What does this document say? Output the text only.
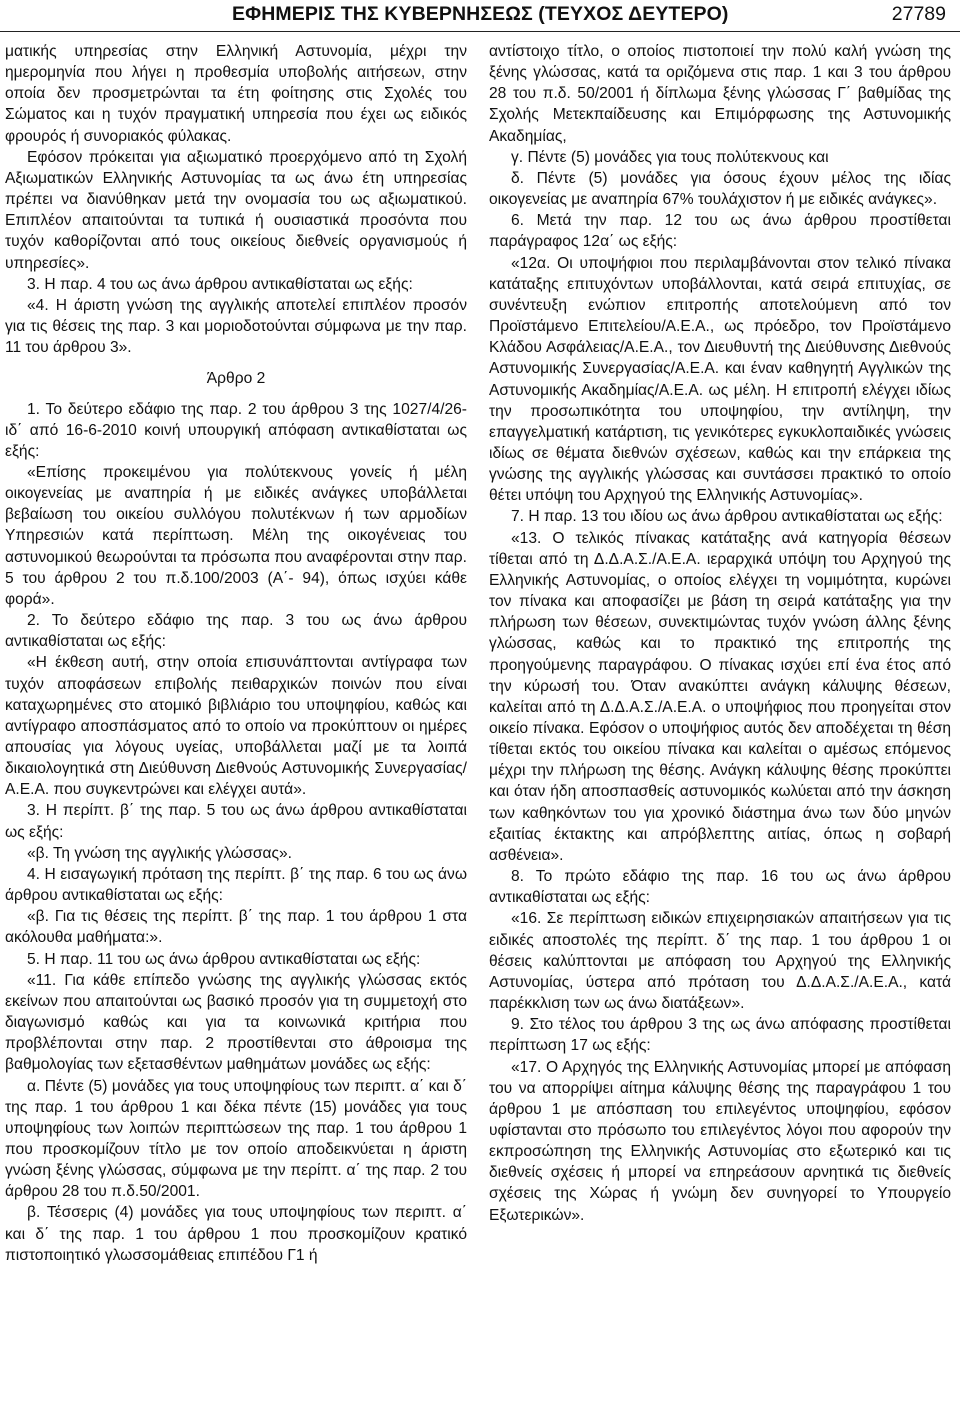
ΕΦΗΜΕΡΙΣ ΤΗΣ ΚΥΒΕΡΝΗΣΕΩΣ (ΤΕΥΧΟΣ ΔΕΥΤΕΡΟ)	27789

ματικής υπηρεσίας στην Ελληνική Αστυνομία, μέχρι την ημερομηνία που λήγει η προθεσμία υποβολής αιτήσεων, στην οποία δεν προσμετρώνται τα έτη φοίτησης στις Σχολές του Σώματος και η τυχόν πραγματική υπηρεσία που έχει ως ειδικός φρουρός ή συνοριακός φύλακας.

Εφόσον πρόκειται για αξιωματικό προερχόμενο από τη Σχολή Αξιωματικών Ελληνικής Αστυνομίας τα ως άνω έτη υπηρεσίας πρέπει να διανύθηκαν μετά την ονομασία του ως αξιωματικού. Επιπλέον απαιτούνται τα τυπικά ή ουσιαστικά προσόντα που τυχόν καθορίζονται από τους οικείους διεθνείς οργανισμούς ή υπηρεσίες».

3. Η παρ. 4 του ως άνω άρθρου αντικαθίσταται ως εξής:

«4. Η άριστη γνώση της αγγλικής αποτελεί επιπλέον προσόν για τις θέσεις της παρ. 3 και μοριοδοτούνται σύμφωνα με την παρ. 11 του άρθρου 3».

Άρθρο 2

1. Το δεύτερο εδάφιο της παρ. 2 του άρθρου 3 της 1027/4/26-ιδ΄ από 16-6-2010 κοινή υπουργική απόφαση αντικαθίσταται ως εξής:

«Επίσης προκειμένου για πολύτεκνους γονείς ή μέλη οικογενείας με αναπηρία ή με ειδικές ανάγκες υποβάλλεται βεβαίωση του οικείου συλλόγου πολυτέκνων ή των αρμοδίων Υπηρεσιών κατά περίπτωση. Μέλη της οικογένειας του αστυνομικού θεωρούνται τα πρόσωπα που αναφέρονται στην παρ. 5 του άρθρου 2 του π.δ.100/2003 (Α΄- 94), όπως ισχύει κάθε φορά».

2. Το δεύτερο εδάφιο της παρ. 3 του ως άνω άρθρου αντικαθίσταται ως εξής:

«Η έκθεση αυτή, στην οποία επισυνάπτονται αντίγραφα των τυχόν αποφάσεων επιβολής πειθαρχικών ποινών που είναι καταχωρημένες στο ατομικό βιβλιάριο του υποψηφίου, καθώς και αντίγραφο αποσπάσματος από το οποίο να προκύπτουν οι ημέρες απουσίας για λόγους υγείας, υποβάλλεται μαζί με τα λοιπά δικαιολογητικά στη Διεύθυνση Διεθνούς Αστυνομικής Συνεργασίας/Α.Ε.Α. που συγκεντρώνει και ελέγχει αυτά».

3. Η περίπτ. β΄ της παρ. 5 του ως άνω άρθρου αντικαθίσταται ως εξής:

«β. Τη γνώση της αγγλικής γλώσσας».

4. Η εισαγωγική πρόταση της περίπτ. β΄ της παρ. 6 του ως άνω άρθρου αντικαθίσταται ως εξής:

«β. Για τις θέσεις της περίπτ. β΄ της παρ. 1 του άρθρου 1 στα ακόλουθα μαθήματα:».

5. Η παρ. 11 του ως άνω άρθρου αντικαθίσταται ως εξής:

«11. Για κάθε επίπεδο γνώσης της αγγλικής γλώσσας εκτός εκείνων που απαιτούνται ως βασικό προσόν για τη συμμετοχή στο διαγωνισμό καθώς και για τα κοινωνικά κριτήρια που προβλέπονται στην παρ. 2 προστίθενται στο άθροισμα της βαθμολογίας των εξετασθέντων μαθημάτων μονάδες ως εξής:

α. Πέντε (5) μονάδες για τους υποψηφίους των περιπτ. α΄ και δ΄ της παρ. 1 του άρθρου 1 και δέκα πέντε (15) μονάδες για τους υποψηφίους των λοιπών περιπτώσεων της παρ. 1 του άρθρου 1 που προσκομίζουν τίτλο με τον οποίο αποδεικνύεται η άριστη γνώση ξένης γλώσσας, σύμφωνα με την περίπτ. α΄ της παρ. 2 του άρθρου 28 του π.δ.50/2001.

β. Τέσσερις (4) μονάδες για τους υποψηφίους των περιπτ. α΄ και δ΄ της παρ. 1 του άρθρου 1 που προσκομίζουν κρατικό πιστοποιητικό γλωσσομάθειας επιπέδου Γ1 ή

αντίστοιχο τίτλο, ο οποίος πιστοποιεί την πολύ καλή γνώση της ξένης γλώσσας, κατά τα οριζόμενα στις παρ. 1 και 3 του άρθρου 28 του π.δ. 50/2001 ή δίπλωμα ξένης γλώσσας Γ΄ βαθμίδας της Σχολής Μετεκπαίδευσης και Επιμόρφωσης της Αστυνομικής Ακαδημίας,

γ. Πέντε (5) μονάδες για τους πολύτεκνους και

δ. Πέντε (5) μονάδες για όσους έχουν μέλος της ιδίας οικογενείας με αναπηρία 67% τουλάχιστον ή με ειδικές ανάγκες».

6. Μετά την παρ. 12 του ως άνω άρθρου προστίθεται παράγραφος 12α΄ ως εξής:

«12α. Οι υποψήφιοι που περιλαμβάνονται στον τελικό πίνακα κατάταξης επιτυχόντων υποβάλλονται, κατά σειρά επιτυχίας, σε συνέντευξη ενώπιον επιτροπής αποτελούμενη από τον Προϊστάμενο Επιτελείου/Α.Ε.Α., ως πρόεδρο, τον Προϊστάμενο Κλάδου Ασφάλειας/Α.Ε.Α., τον Διευθυντή της Διεύθυνσης Διεθνούς Αστυνομικής Συνεργασίας/Α.Ε.Α. και έναν καθηγητή Αγγλικών της Αστυνομικής Ακαδημίας/Α.Ε.Α. ως μέλη. Η επιτροπή ελέγχει ιδίως την προσωπικότητα του υποψηφίου, την αντίληψη, την επαγγελματική κατάρτιση, τις γενικότερες εγκυκλοπαιδικές γνώσεις ιδίως σε θέματα διεθνών σχέσεων, καθώς και την επάρκεια της γνώσης της αγγλικής γλώσσας και συντάσσει πρακτικό το οποίο θέτει υπόψη του Αρχηγού της Ελληνικής Αστυνομίας».

7. Η παρ. 13 του ιδίου ως άνω άρθρου αντικαθίσταται ως εξής:

«13. Ο τελικός πίνακας κατάταξης ανά κατηγορία θέσεων τίθεται από τη Δ.Δ.Α.Σ./Α.Ε.Α. ιεραρχικά υπόψη του Αρχηγού της Ελληνικής Αστυνομίας, ο οποίος ελέγχει τη νομιμότητα, κυρώνει τον πίνακα και αποφασίζει με βάση τη σειρά κατάταξης για την πλήρωση των θέσεων, συνεκτιμώντας τυχόν γνώση άλλης ξένης γλώσσας, καθώς και το πρακτικό της επιτροπής της προηγούμενης παραγράφου. Ο πίνακας ισχύει επί ένα έτος από την κύρωσή του. Όταν ανακύπτει ανάγκη κάλυψης θέσεων, καλείται από τη Δ.Δ.Α.Σ./Α.Ε.Α. ο υποψήφιος που προηγείται στον οικείο πίνακα. Εφόσον ο υποψήφιος αυτός δεν αποδέχεται τη θέση τίθεται εκτός του οικείου πίνακα και καλείται ο αμέσως επόμενος μέχρι την πλήρωση της θέσης. Ανάγκη κάλυψης θέσης προκύπτει και όταν ήδη αποσπασθείς αστυνομικός κωλύεται από την άσκηση των καθηκόντων του για χρονικό διάστημα άνω των δύο μηνών εξαιτίας έκτακτης και απρόβλεπτης αιτίας, όπως η σοβαρή ασθένεια».

8. Το πρώτο εδάφιο της παρ. 16 του ως άνω άρθρου αντικαθίσταται ως εξής:

«16. Σε περίπτωση ειδικών επιχειρησιακών απαιτήσεων για τις ειδικές αποστολές της περίπτ. δ΄ της παρ. 1 του άρθρου 1 οι θέσεις καλύπτονται με απόφαση του Αρχηγού της Ελληνικής Αστυνομίας, ύστερα από πρόταση του Δ.Δ.Α.Σ./Α.Ε.Α., κατά παρέκκλιση των ως άνω διατάξεων».

9. Στο τέλος του άρθρου 3 της ως άνω απόφασης προστίθεται περίπτωση 17 ως εξής:

«17. Ο Αρχηγός της Ελληνικής Αστυνομίας μπορεί με απόφαση του να απορρίψει αίτημα κάλυψης θέσης της παραγράφου 1 του άρθρου 1 με απόσπαση του επιλεγέντος υποψηφίου, εφόσον υφίστανται στο πρόσωπο του επιλεγέντος λόγοι που αφορούν την εκπροσώπηση της Ελληνικής Αστυνομίας στο εξωτερικό και τις διεθνείς σχέσεις ή μπορεί να επηρεάσουν αρνητικά τις διεθνείς σχέσεις της Χώρας ή γνώμη δεν συνηγορεί το Υπουργείο Εξωτερικών».
